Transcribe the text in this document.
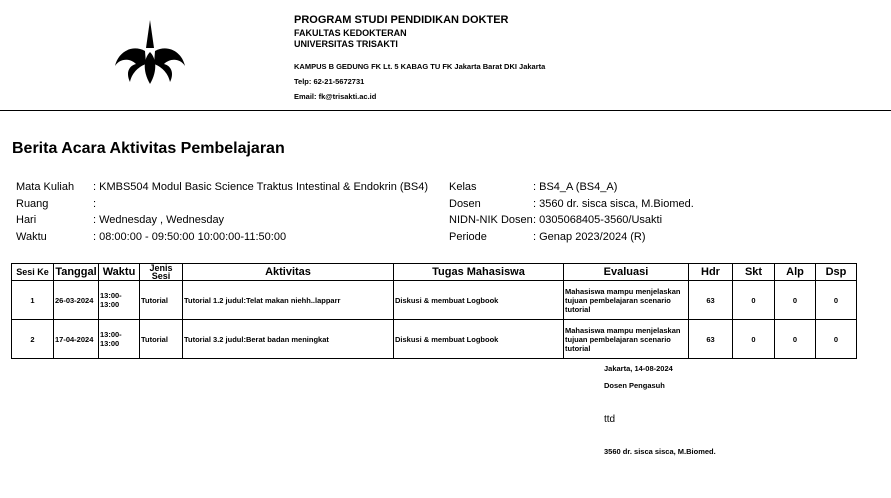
PROGRAM STUDI PENDIDIKAN DOKTER
FAKULTAS KEDOKTERAN
UNIVERSITAS TRISAKTI
KAMPUS B GEDUNG FK Lt. 5 KABAG TU FK Jakarta Barat DKI Jakarta
Telp: 62-21-5672731
Email: fk@trisakti.ac.id
Berita Acara Aktivitas Pembelajaran
Mata Kuliah	: KMBS504 Modul Basic Science Traktus Intestinal & Endokrin (BS4)
Ruang	:
Hari	: Wednesday , Wednesday
Waktu	: 08:00:00 - 09:50:00 10:00:00-11:50:00
Kelas	: BS4_A (BS4_A)
Dosen	: 3560 dr. sisca sisca, M.Biomed.
NIDN-NIK Dosen : 0305068405-3560/Usakti
Periode	: Genap 2023/2024 (R)
Sesi Ke	Tanggal	Waktu	Jenis Sesi	Aktivitas	Tugas Mahasiswa	Evaluasi	Hdr	Skt	Alp	Dsp
1	26-03-2024	13:00-13:00	Tutorial	Tutorial 1.2 judul:Telat makan niehh..lapparr	Diskusi & membuat Logbook	Mahasiswa mampu menjelaskan tujuan pembelajaran scenario tutorial	63	0	0	0
2	17-04-2024	13:00-13:00	Tutorial	Tutorial 3.2 judul:Berat badan meningkat	Diskusi & membuat Logbook	Mahasiswa mampu menjelaskan tujuan pembelajaran scenario tutorial	63	0	0	0
Jakarta, 14-08-2024
Dosen Pengasuh
ttd
3560 dr. sisca sisca, M.Biomed.
